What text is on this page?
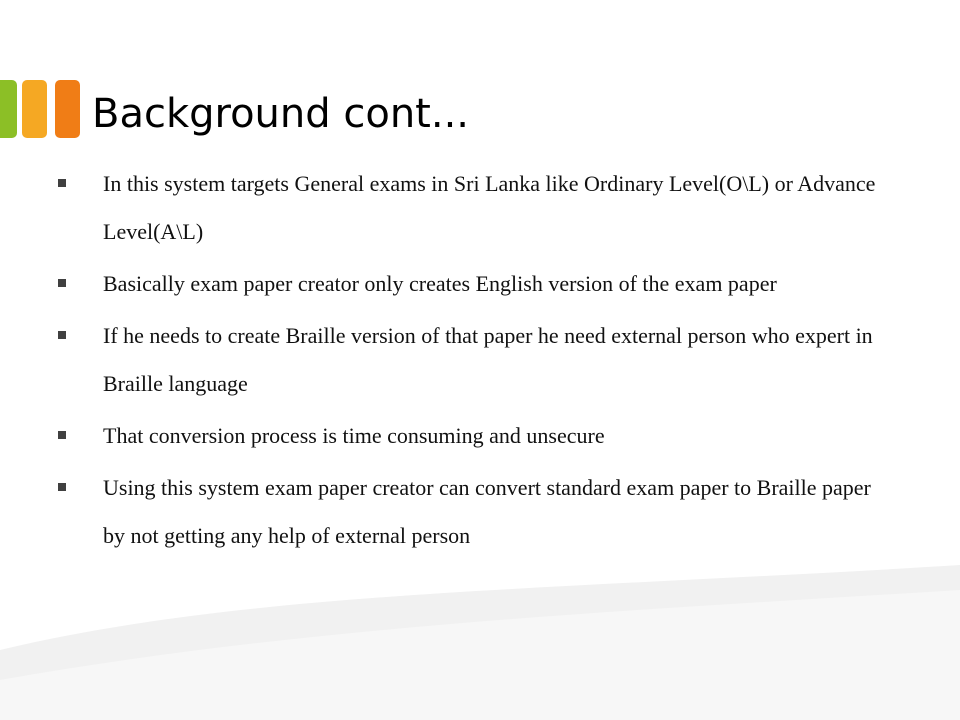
Background cont...
In this system targets General exams in Sri Lanka like Ordinary Level(O\L) or Advance Level(A\L)
Basically exam paper creator only creates English version of the exam paper
If he needs to create Braille version of that paper he need external person who expert in Braille language
That conversion process is time consuming and unsecure
Using this system exam paper creator can convert standard exam paper to Braille paper by not getting any help of external person
